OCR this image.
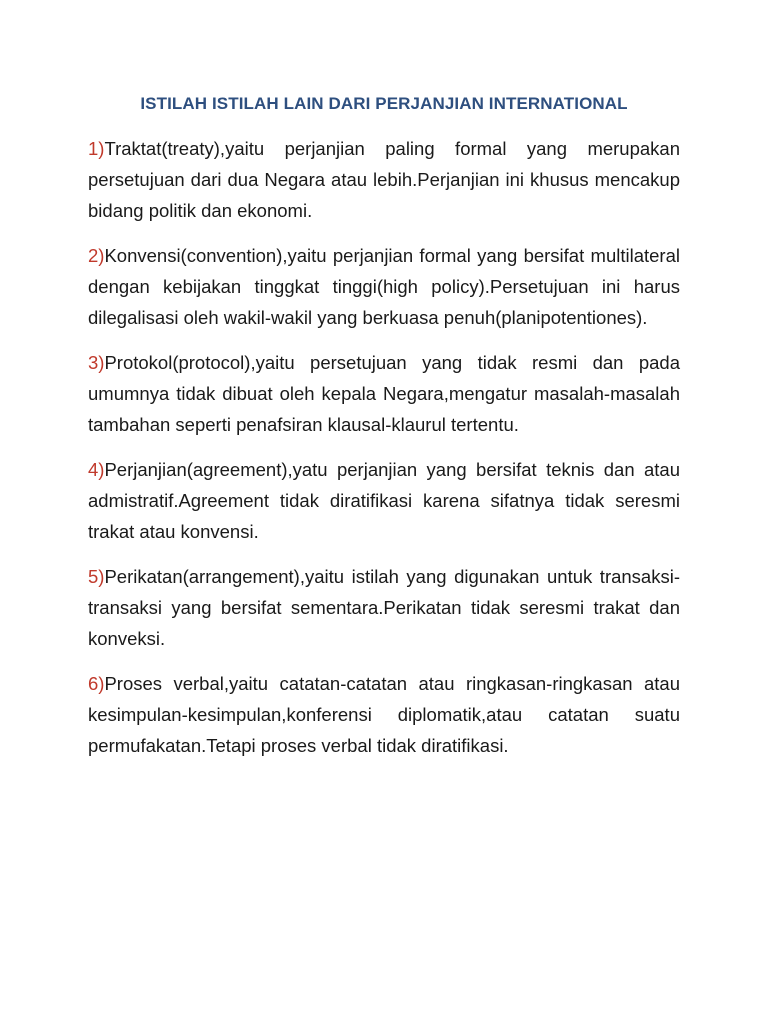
ISTILAH ISTILAH LAIN DARI PERJANJIAN INTERNATIONAL

1)Traktat(treaty),yaitu perjanjian paling formal yang merupakan persetujuan dari dua Negara atau lebih.Perjanjian ini khusus mencakup bidang politik dan ekonomi.

2)Konvensi(convention),yaitu perjanjian formal yang bersifat multilateral dengan kebijakan tinggkat tinggi(high policy).Persetujuan ini harus dilegalisasi oleh wakil-wakil yang berkuasa penuh(planipotentiones).

3)Protokol(protocol),yaitu persetujuan yang tidak resmi dan pada umumnya tidak dibuat oleh kepala Negara,mengatur masalah-masalah tambahan seperti penafsiran klausal-klaurul tertentu.

4)Perjanjian(agreement),yatu perjanjian yang bersifat teknis dan atau admistratif.Agreement tidak diratifikasi karena sifatnya tidak seresmi trakat atau konvensi.

5)Perikatan(arrangement),yaitu istilah yang digunakan untuk transaksi-transaksi yang bersifat sementara.Perikatan tidak seresmi trakat dan konveksi.

6)Proses verbal,yaitu catatan-catatan atau ringkasan-ringkasan atau kesimpulan-kesimpulan,konferensi diplomatik,atau catatan suatu permufakatan.Tetapi proses verbal tidak diratifikasi.
